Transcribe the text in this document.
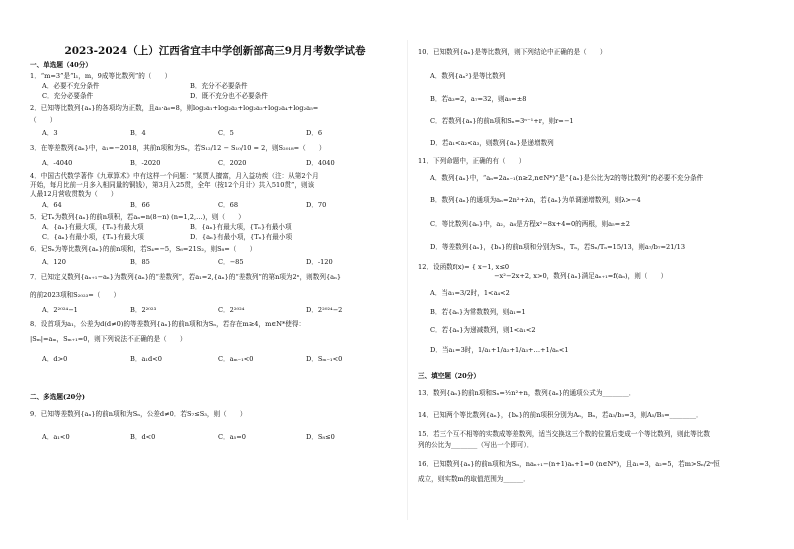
2023-2024（上）江西省宜丰中学创新部高三9月月考数学试卷
一、单选题（40分）
1．“m=3”是“l₁，m，9成等比数列”的（　　）
A．必要不充分条件	B．充分不必要条件
C．充分必要条件	D．既不充分也不必要条件
2．已知等比数列{aₙ}的各项均为正数，且a₅·a₆=8，则log₂a₁+log₂a₂+log₂a₃+log₂a₄+log₂a₅=
（　　）
A．3	B．4	C．5	D．6
3．在等差数列{aₙ}中，a₁=−2018，其前n项和为Sₙ，若S₁₂/12 − S₁₀/10 = 2，则S₂₀₁₈=（　　）
A．-4040	B．-2020	C．2020	D．4040
4．中国古代数学著作《九章算术》中有这样一个问题：“某贾人擅富，月入益功疾（注：从第2个月
开始，每月比前一月多入相同量的铜钱），第3月入25贯，全年（按12个月计）共入510贯”，则该
人最12月营收贯数为（　　）
A．64	B．66	C．68	D．70
5．记Tₙ为数列{aₙ}的前n项积，若aₙ=n(8−n) (n=1,2,…)，则（　　）
A．{aₙ}有最大项，{Tₙ}有最大项	B．{aₙ}有最大项，{Tₙ}有最小项
C．{aₙ}有最小项，{Tₙ}有最大项	D．{aₙ}有最小项，{Tₙ}有最小项
6．记Sₙ为等比数列{aₙ}的前n项和，若S₄=−5，S₆=21S₂，则S₈=（　　）
A．120	B．85	C．−85	D．-120
7．已知定义数列{aₙ₊₁−aₙ}为数列{aₙ}的“差数列”，若a₁=2,{aₙ}的“差数列”的第n项为2ⁿ，则数列{aₙ}
的前2023项和S₂₀₂₃=（　　）
A．2²⁰²⁴−1	B．2²⁰²³	C．2²⁰²⁴	D．2²⁰²⁴−2
8．设首项为a₁，公差为d(d≠0)的等差数列{aₙ}的前n项和为Sₙ，若存在m≥4，m∈N*使得：
|Sₘ|=aₘ，Sₘ₊₁=0，则下列说法不正确的是（　　）
A．d>0	B．a₁d<0	C．aₘ₋₁<0	D．Sₘ₋₁<0
二、多选题(20分)
9．已知等差数列{aₙ}的前n项和为Sₙ，公差d≠0．若S₇≤S₃，则（　　）
A．a₁<0	B．d<0	C．a₅=0	D．S₈≤0
10．已知数列{aₙ}是等比数列，则下列结论中正确的是（　　）
A．数列{aₙ²}是等比数列
B．若a₃=2，a₇=32，则a₅=±8
C．若数列{aₙ}的前n项和Sₙ=3ⁿ⁻¹+r，则r=−1
D．若a₁<a₂<a₃，则数列{aₙ}是递增数列
11．下列命题中，正确的有（　　）
A．数列{aₙ}中，“aₙ=2aₙ₋₁(n≥2,n∈N*)”是“{aₙ}是公比为2的等比数列”的必要不充分条件
B．数列{aₙ}的通项为aₙ=2n²+λn，若{aₙ}为单调递增数列，则λ>−4
C．等比数列{aₙ}中，a₂，a₈是方程x²−8x+4=0的两根，则a₅=±2
D．等差数列{aₙ}，{bₙ}的前n项和分别为Sₙ，Tₙ，若Sₙ/Tₙ=15/13，则a₇/b₇=21/13
12．设函数f(x)= { x−1, x≤0
−x²−2x+2, x>0，数列{aₙ}满足aₙ₊₁=f(aₙ)，则（　　）
A．当a₁=3/2时，1<a₄<2
B．若{aₙ}为常数数列，则a₁=1
C．若{aₙ}为递减数列，则1<a₁<2
D．当a₁=3时，1/a₁+1/a₂+1/a₃+…+1/aₙ<1
三、填空题（20分）
13．数列{aₙ}的前n项和Sₙ=½n²+n，数列{aₙ}的通项公式为________．
14．已知两个等比数列{aₙ}，{bₙ}的前n项积分别为Aₙ，Bₙ，若a₃/b₃=3，则A₅/B₅=________．
15．若三个互不相等的实数成等差数列，适当交换这三个数的位置后变成一个等比数列，则此等比数
列的公比为________（写出一个即可）．
16．已知数列{aₙ}的前n项和为Sₙ，naₙ₊₁−(n+1)aₙ+1=0 (n∈N*)，且a₁=3，a₂=5，若m>Sₙ/2ⁿ恒
成立，则实数m的取值范围为______．
